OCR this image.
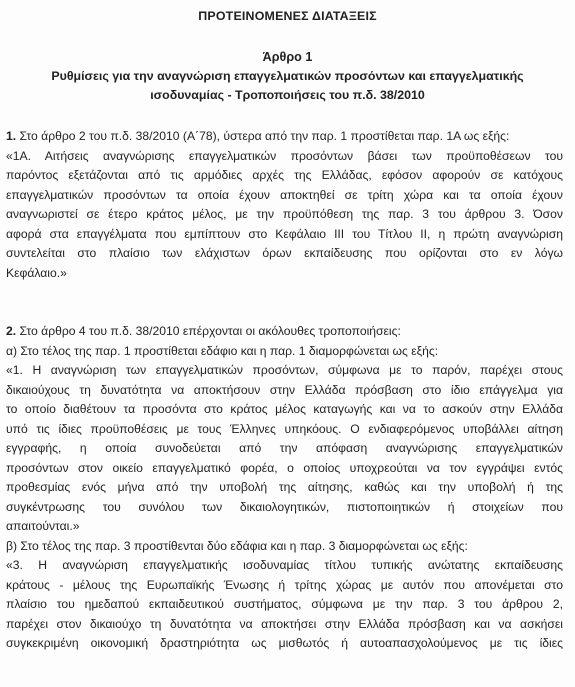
ΠΡΟΤΕΙΝΟΜΕΝΕΣ ΔΙΑΤΑΞΕΙΣ
Άρθρο 1
Ρυθμίσεις για την αναγνώριση επαγγελματικών προσόντων και επαγγελματικής
ισοδυναμίας - Τροποποιήσεις του π.δ. 38/2010
1. Στο άρθρο 2 του π.δ. 38/2010 (Α΄78), ύστερα από την παρ. 1 προστίθεται παρ. 1Α ως εξής:
«1Α. Αιτήσεις αναγνώρισης επαγγελματικών προσόντων βάσει των προϋποθέσεων του
παρόντος εξετάζονται από τις αρμόδιες αρχές της Ελλάδας, εφόσον αφορούν σε κατόχους
επαγγελματικών προσόντων τα οποία έχουν αποκτηθεί σε τρίτη χώρα και τα οποία έχουν
αναγνωριστεί σε έτερο κράτος μέλος, με την προϋπόθεση της παρ. 3 του άρθρου 3. Όσον
αφορά στα επαγγέλματα που εμπίπτουν στο Κεφάλαιο ΙΙΙ του Τίτλου ΙΙ, η πρώτη αναγνώριση
συντελείται στο πλαίσιο των ελάχιστων όρων εκπαίδευσης που ορίζονται στο εν λόγω
Κεφάλαιο.»
2. Στο άρθρο 4 του π.δ. 38/2010 επέρχονται οι ακόλουθες τροποποιήσεις:
α) Στο τέλος της παρ. 1 προστίθεται εδάφιο και η παρ. 1 διαμορφώνεται ως εξής:
«1. Η αναγνώριση των επαγγελματικών προσόντων, σύμφωνα με το παρόν, παρέχει στους
δικαιούχους τη δυνατότητα να αποκτήσουν στην Ελλάδα πρόσβαση στο ίδιο επάγγελμα για
το οποίο διαθέτουν τα προσόντα στο κράτος μέλος καταγωγής και να το ασκούν στην Ελλάδα
υπό τις ίδιες προϋποθέσεις με τους Έλληνες υπηκόους. Ο ενδιαφερόμενος υποβάλλει αίτηση
εγγραφής, η οποία συνοδεύεται από την απόφαση αναγνώρισης επαγγελματικών
προσόντων στον οικείο επαγγελματικό φορέα, ο οποίος υποχρεούται να τον εγγράψει εντός
προθεσμίας ενός μήνα από την υποβολή της αίτησης, καθώς και την υποβολή ή της
συγκέντρωσης του συνόλου των δικαιολογητικών, πιστοποιητικών ή στοιχείων που
απαιτούνται.»
β) Στο τέλος της παρ. 3 προστίθενται δύο εδάφια και η παρ. 3 διαμορφώνεται ως εξής:
«3. Η αναγνώριση επαγγελματικής ισοδυναμίας τίτλου τυπικής ανώτατης εκπαίδευσης
κράτους - μέλους της Ευρωπαϊκής Ένωσης ή τρίτης χώρας με αυτόν που απονέμεται στο
πλαίσιο του ημεδαπού εκπαιδευτικού συστήματος, σύμφωνα με την παρ. 3 του άρθρου 2,
παρέχει στον δικαιούχο τη δυνατότητα να αποκτήσει στην Ελλάδα πρόσβαση και να ασκήσει
συγκεκριμένη οικονομική δραστηριότητα ως μισθωτός ή αυτοαπασχολούμενος με τις ίδιες
